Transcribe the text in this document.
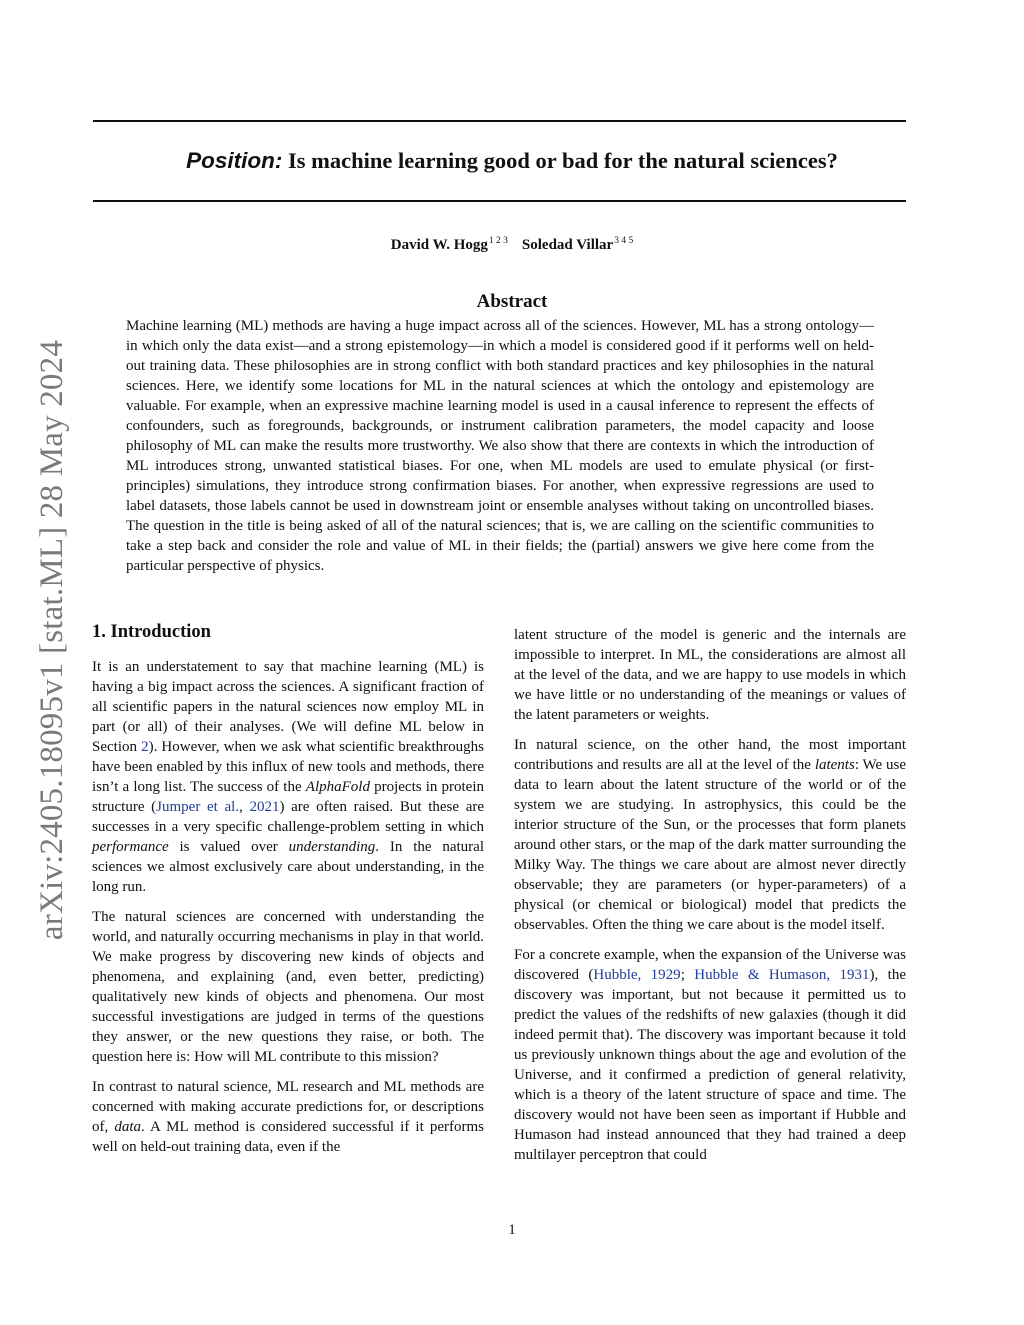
Position: Is machine learning good or bad for the natural sciences?
David W. Hogg$^{1 2 3}$ Soledad Villar$^{3 4 5}$
Abstract

Machine learning (ML) methods are having a huge impact across all of the sciences. However, ML has a strong ontology—in which only the data exist—and a strong epistemology—in which a model is considered good if it performs well on held-out training data. These philosophies are in strong conflict with both standard practices and key philosophies in the natural sciences. Here, we identify some locations for ML in the natural sciences at which the ontology and epistemology are valuable. For example, when an expressive machine learning model is used in a causal inference to represent the effects of confounders, such as foregrounds, backgrounds, or instrument calibration parameters, the model capacity and loose philosophy of ML can make the results more trustworthy. We also show that there are contexts in which the introduction of ML introduces strong, unwanted statistical biases. For one, when ML models are used to emulate physical (or first-principles) simulations, they introduce strong confirmation biases. For another, when expressive regressions are used to label datasets, those labels cannot be used in downstream joint or ensemble analyses without taking on uncontrolled biases. The question in the title is being asked of all of the natural sciences; that is, we are calling on the scientific communities to take a step back and consider the role and value of ML in their fields; the (partial) answers we give here come from the particular perspective of physics.

arXiv:2405.18095v1 [stat.ML] 28 May 2024 1. Introduction

It is an understatement to say that machine learning (ML) is having a big impact across the sciences. A significant fraction of all scientific papers in the natural sciences now employ ML in part (or all) of their analyses. (We will define ML below in Section 2). However, when we ask what scientific breakthroughs have been enabled by this influx of new tools and methods, there isn’t a long list. The success of the AlphaFold projects in protein structure (Jumper et al., 2021) are often raised. But these are successes in a very specific challenge-problem setting in which performance is valued over understanding. In the natural sciences we almost exclusively care about understanding, in the long run.

The natural sciences are concerned with understanding the world, and naturally occurring mechanisms in play in that world. We make progress by discovering new kinds of objects and phenomena, and explaining (and, even better, predicting) qualitatively new kinds of objects and phenomena. Our most successful investigations are judged in terms of the questions they answer, or the new questions they raise, or both. The question here is: How will ML contribute to this mission?

In contrast to natural science, ML research and ML methods are concerned with making accurate predictions for, or descriptions of, data. A ML method is considered successful if it performs well on held-out training data, even if the

latent structure of the model is generic and the internals are impossible to interpret. In ML, the considerations are almost all at the level of the data, and we are happy to use models in which we have little or no understanding of the meanings or values of the latent parameters or weights.

In natural science, on the other hand, the most important contributions and results are all at the level of the latents: We use data to learn about the latent structure of the world or of the system we are studying. In astrophysics, this could be the interior structure of the Sun, or the processes that form planets around other stars, or the map of the dark matter surrounding the Milky Way. The things we care about are almost never directly observable; they are parameters (or hyper-parameters) of a physical (or chemical or biological) model that predicts the observables. Often the thing we care about is the model itself.

For a concrete example, when the expansion of the Universe was discovered (Hubble, 1929; Hubble & Humason, 1931), the discovery was important, but not because it permitted us to predict the values of the redshifts of new galaxies (though it did indeed permit that). The discovery was important because it told us previously unknown things about the age and evolution of the Universe, and it confirmed a prediction of general relativity, which is a theory of the latent structure of space and time. The discovery would not have been seen as important if Hubble and Humason had instead announced that they had trained a deep multilayer perceptron that could

1
